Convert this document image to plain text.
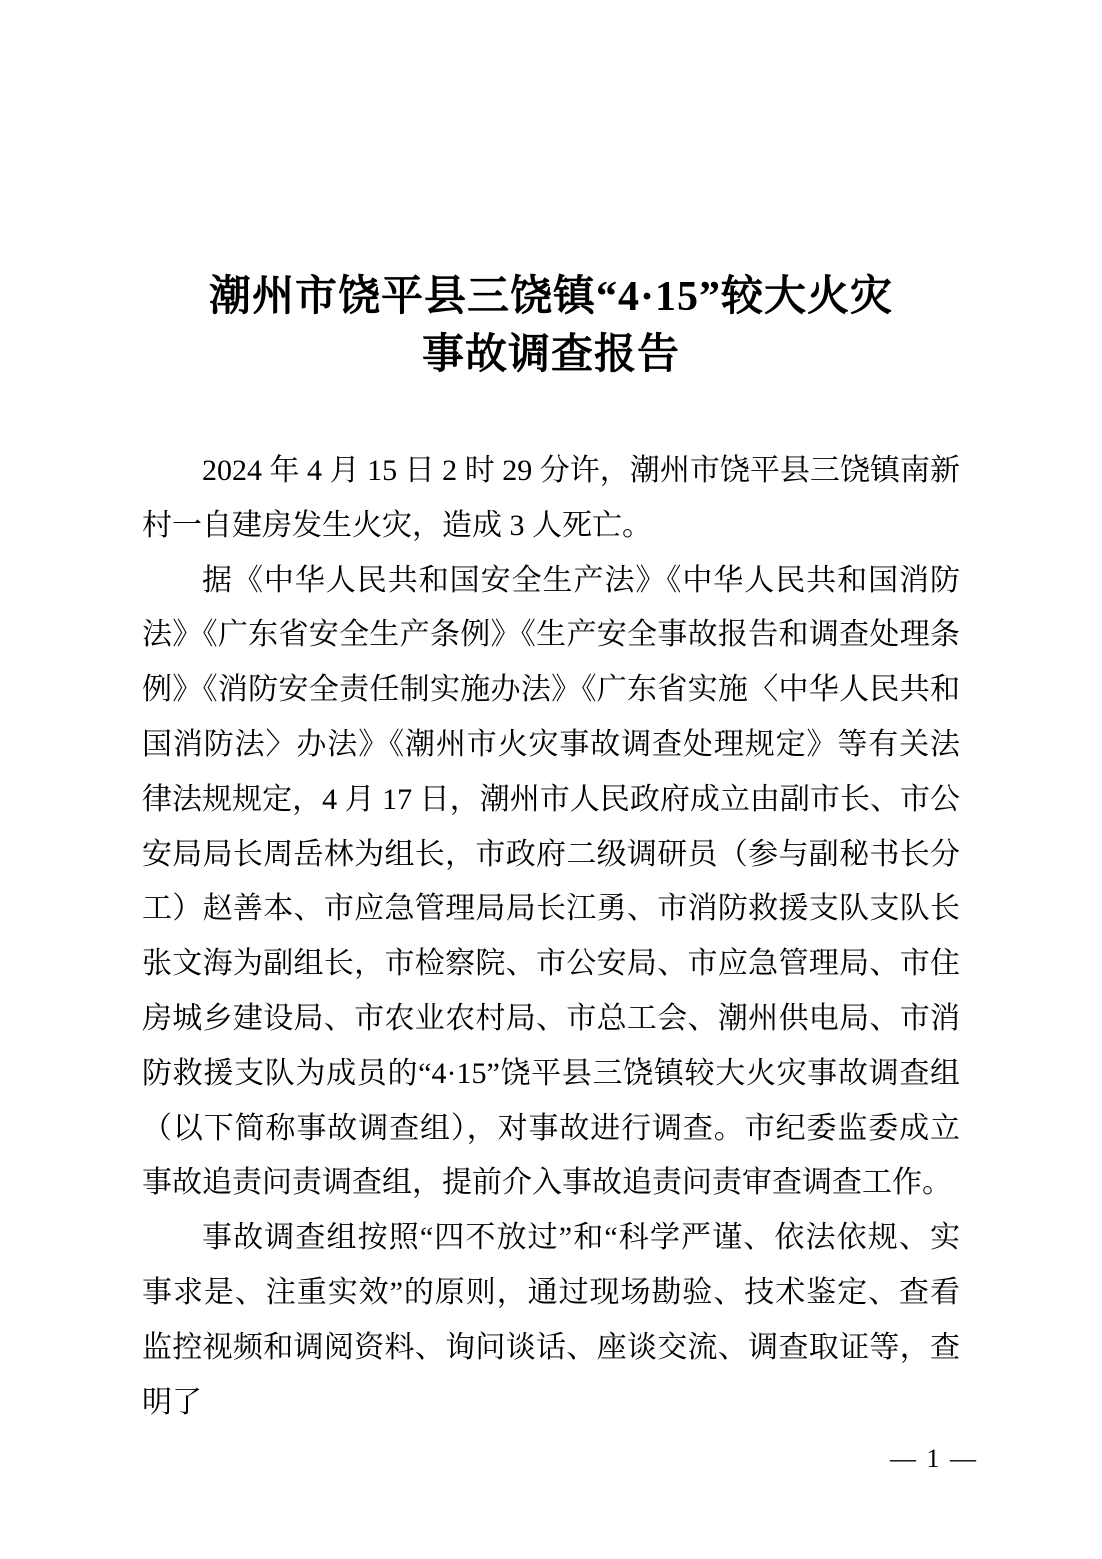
潮州市饶平县三饶镇“4·15”较大火灾
事故调查报告

2024 年 4 月 15 日 2 时 29 分许，潮州市饶平县三饶镇南新村一自建房发生火灾，造成 3 人死亡。

据《中华人民共和国安全生产法》《中华人民共和国消防法》《广东省安全生产条例》《生产安全事故报告和调查处理条例》《消防安全责任制实施办法》《广东省实施〈中华人民共和国消防法〉办法》《潮州市火灾事故调查处理规定》等有关法律法规规定，4 月 17 日，潮州市人民政府成立由副市长、市公安局局长周岳林为组长，市政府二级调研员（参与副秘书长分工）赵善本、市应急管理局局长江勇、市消防救援支队支队长张文海为副组长，市检察院、市公安局、市应急管理局、市住房城乡建设局、市农业农村局、市总工会、潮州供电局、市消防救援支队为成员的“4·15”饶平县三饶镇较大火灾事故调查组（以下简称事故调查组），对事故进行调查。市纪委监委成立事故追责问责调查组，提前介入事故追责问责审查调查工作。

事故调查组按照“四不放过”和“科学严谨、依法依规、实事求是、注重实效”的原则，通过现场勘验、技术鉴定、查看监控视频和调阅资料、询问谈话、座谈交流、调查取证等，查明了

— 1 —
